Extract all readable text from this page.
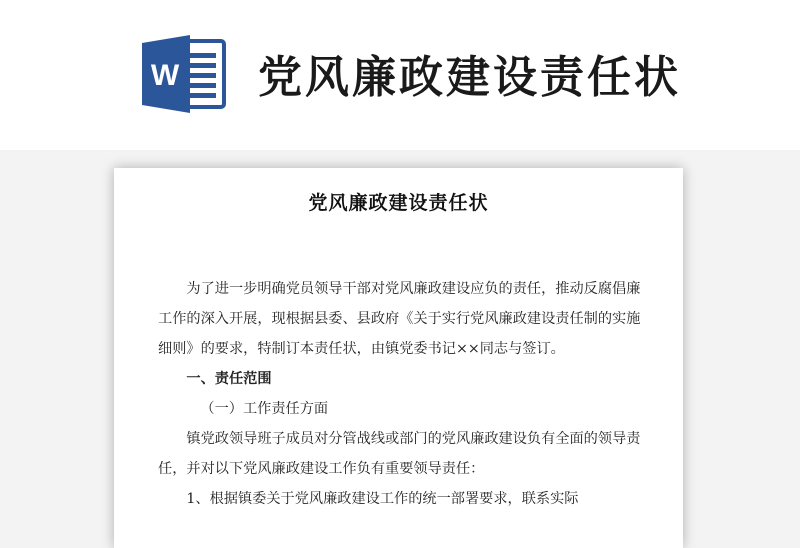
W 党风廉政建设责任状
党风廉政建设责任状

为了进一步明确党员领导干部对党风廉政建设应负的责任，推动反腐倡廉工作的深入开展，现根据县委、县政府《关于实行党风廉政建设责任制的实施细则》的要求，特制订本责任状，由镇党委书记××同志与签订。

一、责任范围

（一）工作责任方面

镇党政领导班子成员对分管战线或部门的党风廉政建设负有全面的领导责任，并对以下党风廉政建设工作负有重要领导责任：

1、根据镇委关于党风廉政建设工作的统一部署要求，联系实际
